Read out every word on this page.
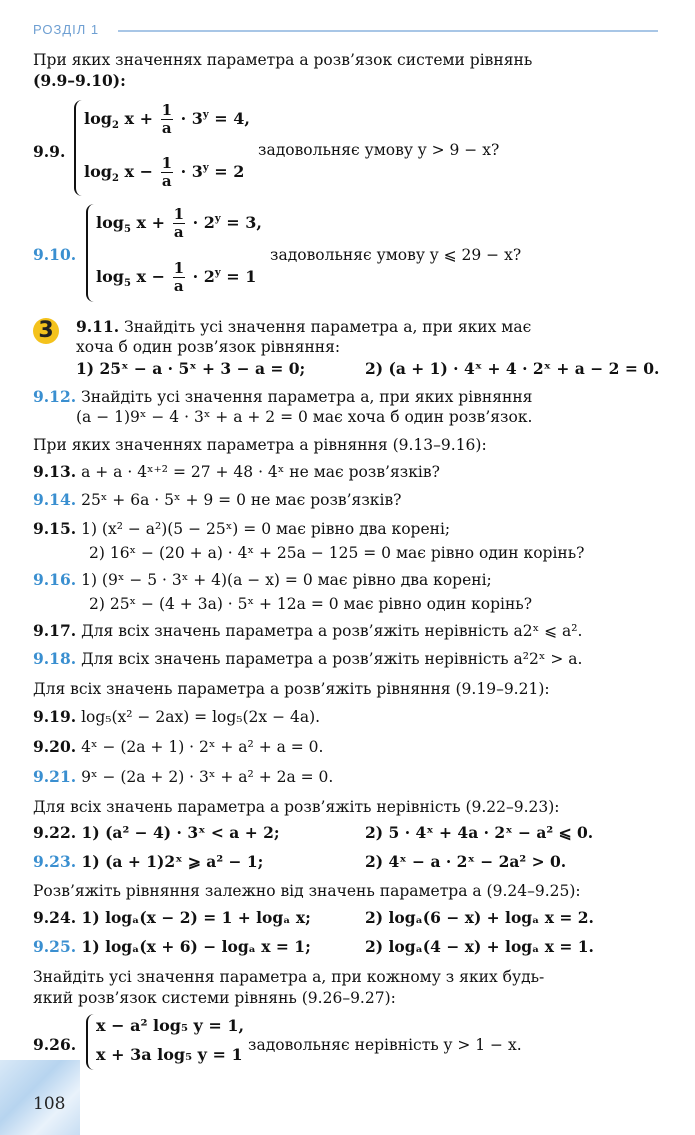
РОЗДІЛ 1
При яких значеннях параметра a розв’язок системи рівнянь
(9.9–9.10):
9.9.
$\log_2 x + \frac{1}{a} \cdot 3^y = 4$,
$\log_2 x - \frac{1}{a} \cdot 3^y = 2$
задовольняє умову y > 9 − x?
9.10.
$\log_5 x + \frac{1}{a} \cdot 2^y = 3$,
$\log_5 x - \frac{1}{a} \cdot 2^y = 1$
задовольняє умову y ⩽ 29 − x?
3	9.11. Знайдіть усі значення параметра a, при яких має
хоча б один розв’язок рівняння:
1) 25ˣ − a · 5ˣ + 3 − a = 0;	2) (a + 1) · 4ˣ + 4 · 2ˣ + a − 2 = 0.
9.12. Знайдіть усі значення параметра a, при яких рівняння
(a − 1)9ˣ − 4 · 3ˣ + a + 2 = 0 має хоча б один розв’язок.
При яких значеннях параметра a рівняння (9.13–9.16):
9.13. a + a · 4ˣ⁺² = 27 + 48 · 4ˣ не має розв’язків?
9.14. 25ˣ + 6a · 5ˣ + 9 = 0 не має розв’язків?
9.15. 1) (x² − a²)(5 − 25ˣ) = 0 має рівно два корені;
2) 16ˣ − (20 + a) · 4ˣ + 25a − 125 = 0 має рівно один корінь?
9.16. 1) (9ˣ − 5 · 3ˣ + 4)(a − x) = 0 має рівно два корені;
2) 25ˣ − (4 + 3a) · 5ˣ + 12a = 0 має рівно один корінь?
9.17. Для всіх значень параметра a розв’яжіть нерівність a2ˣ ⩽ a².
9.18. Для всіх значень параметра a розв’яжіть нерівність a²2ˣ > a.
Для всіх значень параметра a розв’яжіть рівняння (9.19–9.21):
9.19. log₅(x² − 2ax) = log₅(2x − 4a).
9.20. 4ˣ − (2a + 1) · 2ˣ + a² + a = 0.
9.21. 9ˣ − (2a + 2) · 3ˣ + a² + 2a = 0.
Для всіх значень параметра a розв’яжіть нерівність (9.22–9.23):
9.22. 1) (a² − 4) · 3ˣ < a + 2;	2) 5 · 4ˣ + 4a · 2ˣ − a² ⩽ 0.
9.23. 1) (a + 1)2ˣ ⩾ a² − 1;	2) 4ˣ − a · 2ˣ − 2a² > 0.
Розв’яжіть рівняння залежно від значень параметра a (9.24–9.25):
9.24. 1) logₐ(x − 2) = 1 + logₐ x;	2) logₐ(6 − x) + logₐ x = 2.
9.25. 1) logₐ(x + 6) − logₐ x = 1;	2) logₐ(4 − x) + logₐ x = 1.
Знайдіть усі значення параметра a, при кожному з яких будь-
який розв’язок системи рівнянь (9.26–9.27):
9.26.
x − a² log₅ y = 1,
x + 3a log₅ y = 1 задовольняє нерівність y > 1 − x.
108
